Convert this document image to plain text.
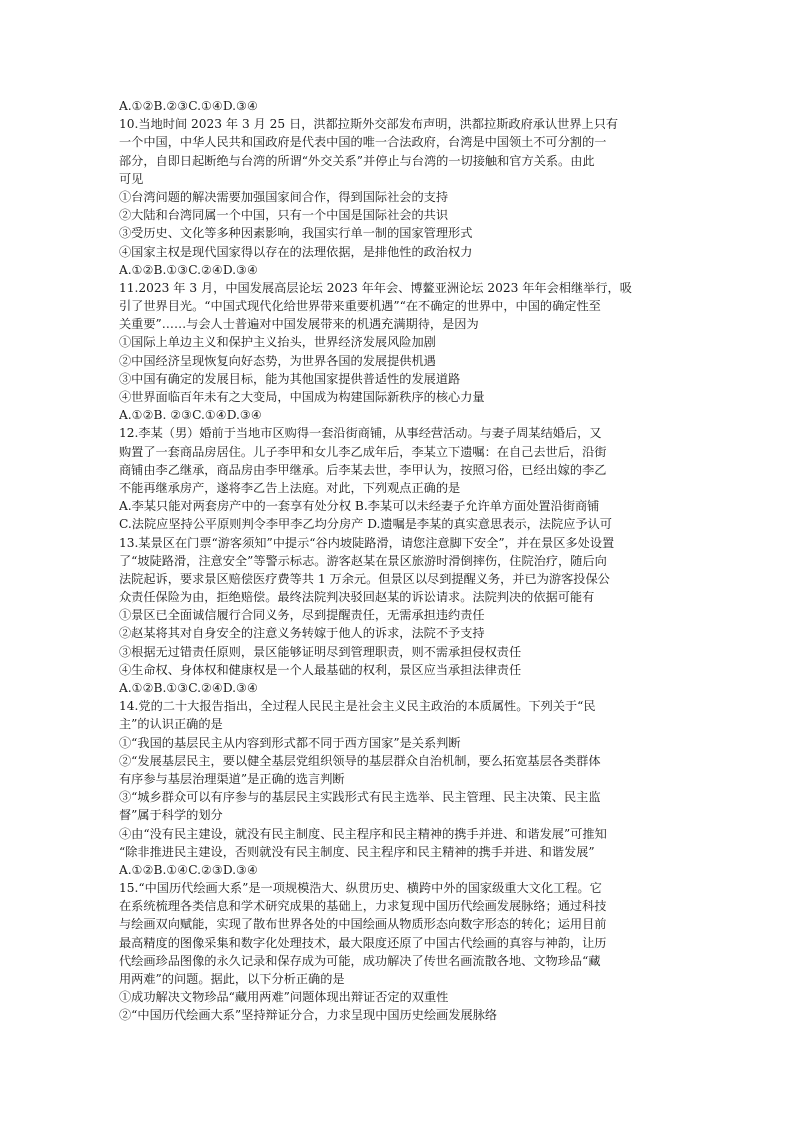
A.①②B.②③C.①④D.③④
10.当地时间 2023 年 3 月 25 日，洪都拉斯外交部发布声明，洪都拉斯政府承认世界上只有
一个中国，中华人民共和国政府是代表中国的唯一合法政府，台湾是中国领土不可分割的一
部分，自即日起断绝与台湾的所谓“外交关系”并停止与台湾的一切接触和官方关系。由此
可见
①台湾问题的解决需要加强国家间合作，得到国际社会的支持
②大陆和台湾同属一个中国，只有一个中国是国际社会的共识
③受历史、文化等多种因素影响，我国实行单一制的国家管理形式
④国家主权是现代国家得以存在的法理依据，是排他性的政治权力
A.①②B.①③C.②④D.③④
11.2023 年 3 月，中国发展高层论坛 2023 年年会、博鳌亚洲论坛 2023 年年会相继举行，吸
引了世界目光。“中国式现代化给世界带来重要机遇”“在不确定的世界中，中国的确定性至
关重要”……与会人士普遍对中国发展带来的机遇充满期待，是因为
①国际上单边主义和保护主义抬头，世界经济发展风险加剧
②中国经济呈现恢复向好态势，为世界各国的发展提供机遇
③中国有确定的发展目标，能为其他国家提供普适性的发展道路
④世界面临百年未有之大变局，中国成为构建国际新秩序的核心力量
A.①②B. ②③C.①④D.③④
12.李某（男）婚前于当地市区购得一套沿街商铺，从事经营活动。与妻子周某结婚后，又
购置了一套商品房居住。儿子李甲和女儿李乙成年后，李某立下遗嘱：在自己去世后，沿街
商铺由李乙继承，商品房由李甲继承。后李某去世，李甲认为，按照习俗，已经出嫁的李乙
不能再继承房产，遂将李乙告上法庭。对此，下列观点正确的是
A.李某只能对两套房产中的一套享有处分权 B.李某可以未经妻子允许单方面处置沿街商铺
C.法院应坚持公平原则判令李甲李乙均分房产 D.遗嘱是李某的真实意思表示，法院应予认可
13.某景区在门票“游客须知”中提示“谷内坡陡路滑，请您注意脚下安全”，并在景区多处设置
了“坡陡路滑，注意安全”等警示标志。游客赵某在景区旅游时滑倒摔伤，住院治疗，随后向
法院起诉，要求景区赔偿医疗费等共 1 万余元。但景区以尽到提醒义务，并已为游客投保公
众责任保险为由，拒绝赔偿。最终法院判决驳回赵某的诉讼请求。法院判决的依据可能有
①景区已全面诚信履行合同义务，尽到提醒责任，无需承担违约责任
②赵某将其对自身安全的注意义务转嫁于他人的诉求，法院不予支持
③根据无过错责任原则，景区能够证明尽到管理职责，则不需承担侵权责任
④生命权、身体权和健康权是一个人最基础的权利，景区应当承担法律责任
A.①②B.①③C.②④D.③④
14.党的二十大报告指出，全过程人民民主是社会主义民主政治的本质属性。下列关于“民
主”的认识正确的是
①“我国的基层民主从内容到形式都不同于西方国家”是关系判断
②“发展基层民主，要以健全基层党组织领导的基层群众自治机制，要么拓宽基层各类群体
有序参与基层治理渠道”是正确的选言判断
③“城乡群众可以有序参与的基层民主实践形式有民主选举、民主管理、民主决策、民主监
督”属于科学的划分
④由“没有民主建设，就没有民主制度、民主程序和民主精神的携手并进、和谐发展”可推知
“除非推进民主建设，否则就没有民主制度、民主程序和民主精神的携手并进、和谐发展”
A.①②B.①④C.②③D.③④
15.“中国历代绘画大系”是一项规模浩大、纵贯历史、横跨中外的国家级重大文化工程。它
在系统梳理各类信息和学术研究成果的基础上，力求复现中国历代绘画发展脉络；通过科技
与绘画双向赋能，实现了散布世界各处的中国绘画从物质形态向数字形态的转化；运用目前
最高精度的图像采集和数字化处理技术，最大限度还原了中国古代绘画的真容与神韵，让历
代绘画珍品图像的永久记录和保存成为可能，成功解决了传世名画流散各地、文物珍品“藏
用两难”的问题。据此，以下分析正确的是
①成功解决文物珍品“藏用两难”问题体现出辩证否定的双重性
②“中国历代绘画大系”坚持辩证分合，力求呈现中国历史绘画发展脉络
